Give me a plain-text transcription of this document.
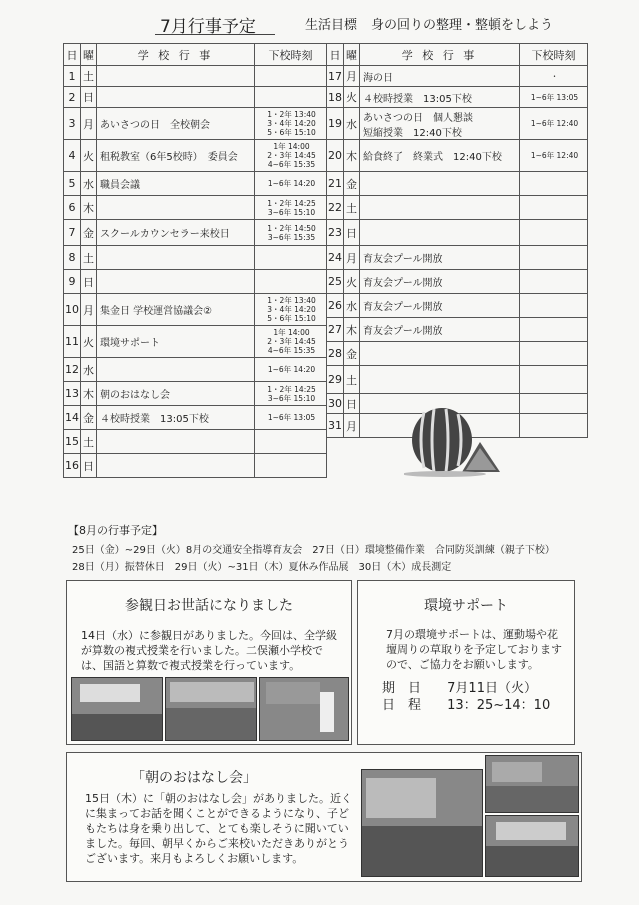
7月行事予定	生活目標 身の回りの整理・整頓をしよう
日	曜	学 校 行 事	下校時刻
1	土	

2	日	

3	月	あいさつの日　全校朝会	1・2年 13:40
3・4年 14:20
5・6年 15:10

4	火	租税教室（6年5校時）　委員会	1年 14:00
2・3年 14:45
4~6年 15:35

5	水	職員会議	1~6年 14:20

6	木		1・2年 14:25
3~6年 15:10

7	金	スクールカウンセラー来校日	1・2年 14:50
3~6年 15:35

8	土	

9	日	

10	月	集金日 学校運営協議会②	1・2年 13:40
3・4年 14:20
5・6年 15:10

11	火	環境サポート	1年 14:00
2・3年 14:45
4~6年 15:35

12	水		1~6年 14:20

13	木	朝のおはなし会	1・2年 14:25
3~6年 15:10

14	金	４校時授業　13:05下校	1~6年 13:05

15	土	

16	日	

日	曜	学 校 行 事	下校時刻
17	月	海の日	・

18	火	４校時授業　13:05下校	1~6年 13:05

19	水	あいさつの日　個人懇談
短縮授業　12:40下校	1~6年 12:40

20	木	給食終了　終業式　12:40下校	1~6年 12:40

21	金	

22	土	

23	日	

24	月	育友会プール開放	

25	火	育友会プール開放	

26	水	育友会プール開放	

27	木	育友会プール開放	

28	金	

29	土	

30	日	

31	月	

【8月の行事予定】
25日（金）~29日（火）8月の交通安全指導育友会　27日（日）環境整備作業　合同防災訓練（親子下校）
28日（月）振替休日　29日（火）~31日（木）夏休み作品展　30日（木）成長測定
参観日お世話になりました
14日（水）に参観日がありました。今回は、全学級が算数の複式授業を行いました。二俣瀬小学校では、国語と算数で複式授業を行っています。
環境サポート
7月の環境サポートは、運動場や花壇周りの草取りを予定しておりますので、ご協力をお願いします。
期　日 7月11日（火）
日　程 13：25~14：10
「朝のおはなし会」
15日（木）に「朝のおはなし会」がありました。近くに集まってお話を聞くことができるようになり、子どもたちは身を乗り出して、とても楽しそうに聞いていました。毎回、朝早くからご来校いただきありがとうございます。来月もよろしくお願いします。
